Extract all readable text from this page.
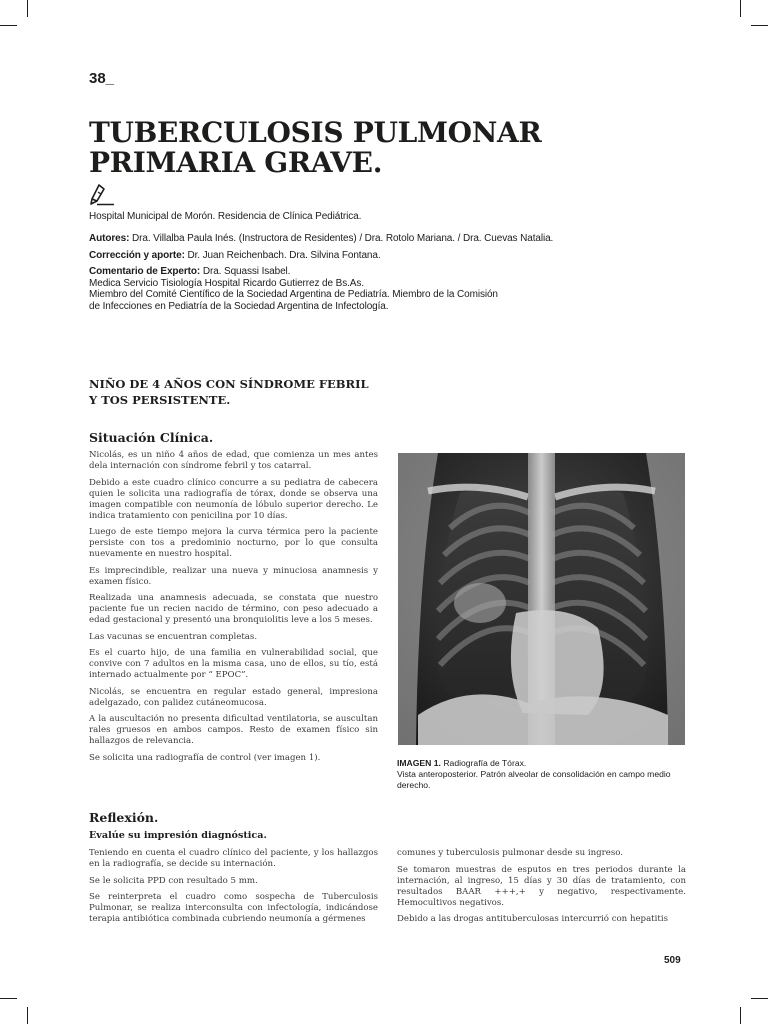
38_
TUBERCULOSIS PULMONAR
PRIMARIA GRAVE.
Hospital Municipal de Morón. Residencia de Clínica Pediátrica.
Autores: Dra. Villalba Paula Inés. (Instructora de Residentes) / Dra. Rotolo Mariana. / Dra. Cuevas Natalia.
Corrección y aporte: Dr. Juan Reichenbach. Dra. Silvina Fontana.
Comentario de Experto: Dra. Squassi Isabel.
Medica Servicio Tisiología Hospital Ricardo Gutierrez de Bs.As.
Miembro del Comité Científico de la Sociedad Argentina de Pediatría. Miembro de la Comisión
de Infecciones en Pediatría de la Sociedad Argentina de Infectología.
NIÑO DE 4 AÑOS CON SÍNDROME FEBRIL
Y TOS PERSISTENTE.
Situación Clínica.

Nicolás, es un niño 4 años de edad, que comienza un mes antes dela internación con síndrome febril y tos catarral.

Debido a este cuadro clínico concurre a su pediatra de cabecera quien le solicita una radiografía de tórax, donde se observa una imagen compatible con neumonía de lóbulo superior derecho. Le indica tratamiento con penicilina por 10 días.

Luego de este tiempo mejora la curva térmica pero la paciente persiste con tos a predominio nocturno, por lo que consulta nuevamente en nuestro hospital.

Es imprecindible, realizar una nueva y minuciosa anamnesis y examen físico.

Realizada una anamnesis adecuada, se constata que nuestro paciente fue un recien nacido de término, con peso adecuado a edad gestacional y presentó una bronquiolitis leve a los 5 meses.

Las vacunas se encuentran completas.

Es el cuarto hijo, de una familia en vulnerabilidad social, que convive con 7 adultos en la misma casa, uno de ellos, su tío, está internado actualmente por “ EPOC”.

Nicolás, se encuentra en regular estado general, impresiona adelgazado, con palidez cutáneomucosa.

A la auscultación no presenta dificultad ventilatoria, se auscultan rales gruesos en ambos campos. Resto de examen físico sin hallazgos de relevancia.

Se solicita una radiografía de control (ver imagen 1).

IMAGEN 1. Radiografía de Tórax.
Vista anteroposterior. Patrón alveolar de consolidación en campo medio derecho.
Reflexión.
Evalúe su impresión diagnóstica.

Teniendo en cuenta el cuadro clínico del paciente, y los hallazgos en la radiografía, se decide su internación.

Se le solicita PPD con resultado 5 mm.

Se reinterpreta el cuadro como sospecha de Tuberculosis Pulmonar, se realiza interconsulta con infectología, indicándose terapia antibiótica combinada cubriendo neumonía a gérmenes

comunes y tuberculosis pulmonar desde su ingreso.

Se tomaron muestras de esputos en tres periodos durante la internación, al ingreso, 15 días y 30 días de tratamiento, con resultados BAAR +++,+ y negativo, respectivamente. Hemocultivos negativos.

Debido a las drogas antituberculosas intercurrió con hepatitis

509
